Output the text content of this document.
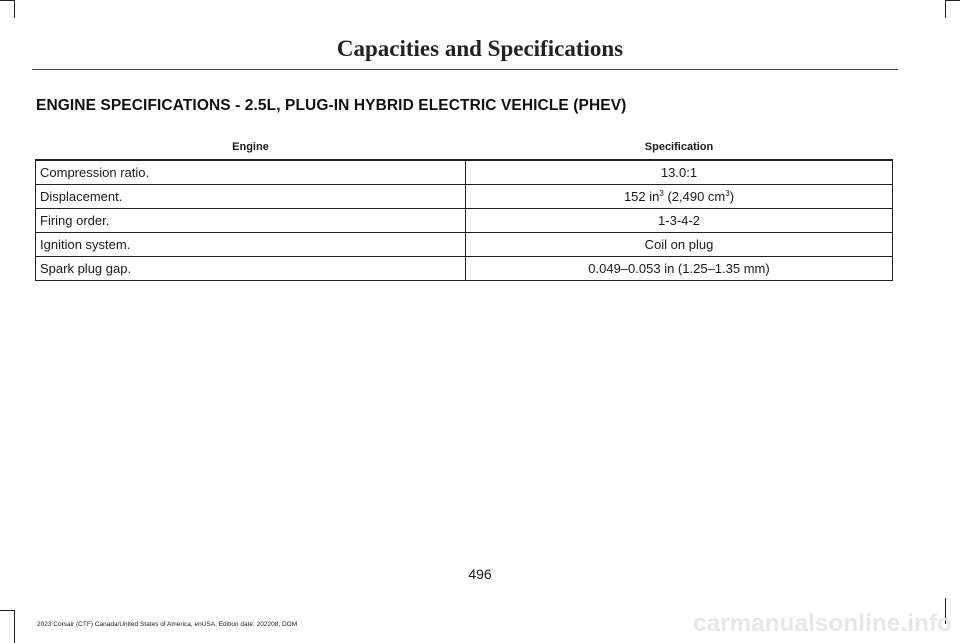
Capacities and Specifications
ENGINE SPECIFICATIONS - 2.5L, PLUG-IN HYBRID ELECTRIC VEHICLE (PHEV)
Engine	Specification
Compression ratio.	13.0:1
Displacement.	152 $in^3$ (2,490 $cm^3$)
Firing order.	1-3-4-2
Ignition system.	Coil on plug
Spark plug gap.	0.049–0.053 in (1.25–1.35 mm)
496
2023 Corsair (CTF) Canada/United States of America, enUSA, Edition date: 202208, DOM	carmanualsonline.info
